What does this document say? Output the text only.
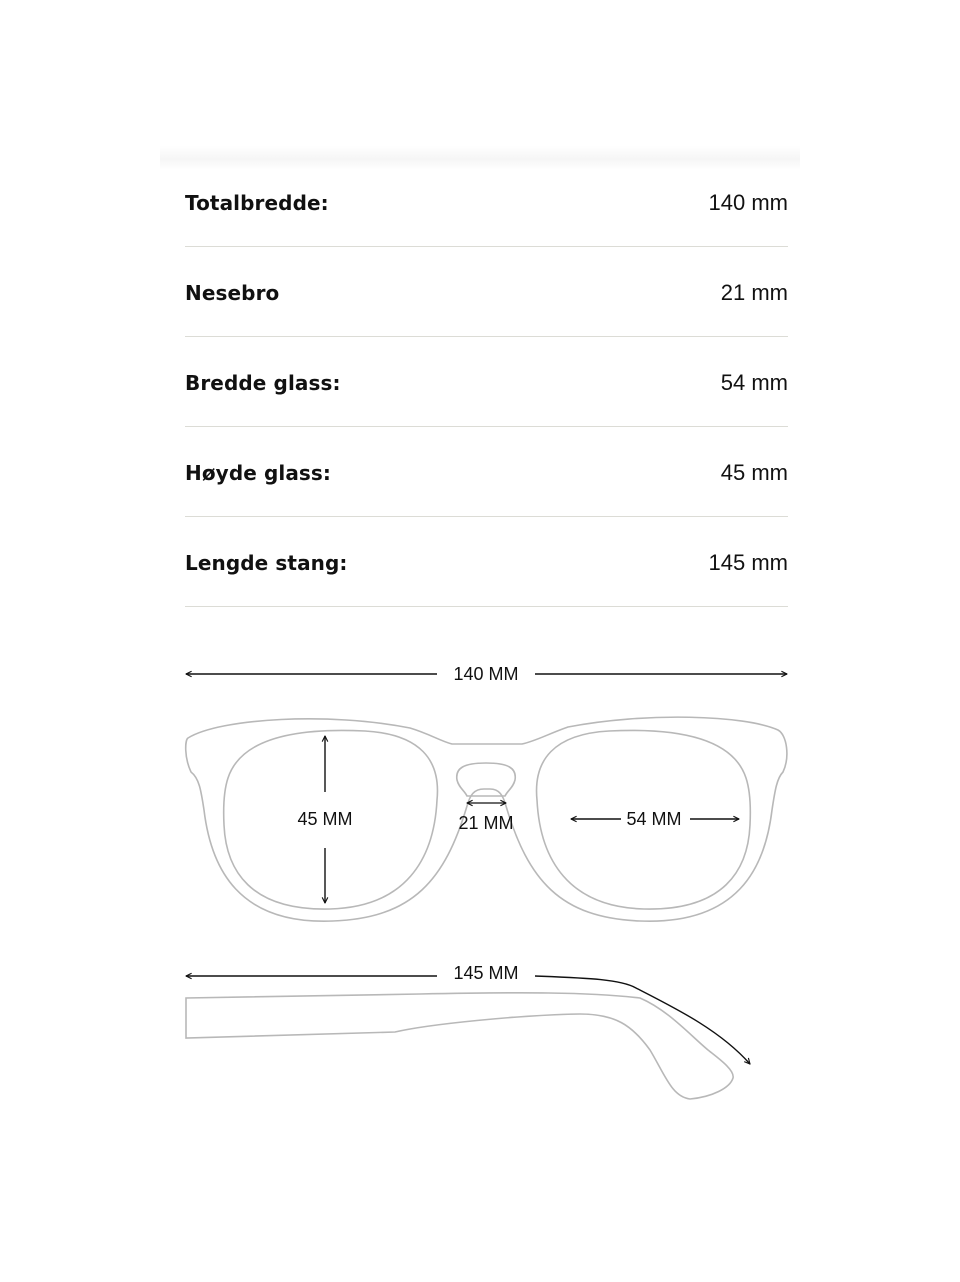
Totalbredde:	140 mm
Nesebro	21 mm
Bredde glass:	54 mm
Høyde glass:	45 mm
Lengde stang:	145 mm
140 MM
45 MM	21 MM	54 MM
145 MM
